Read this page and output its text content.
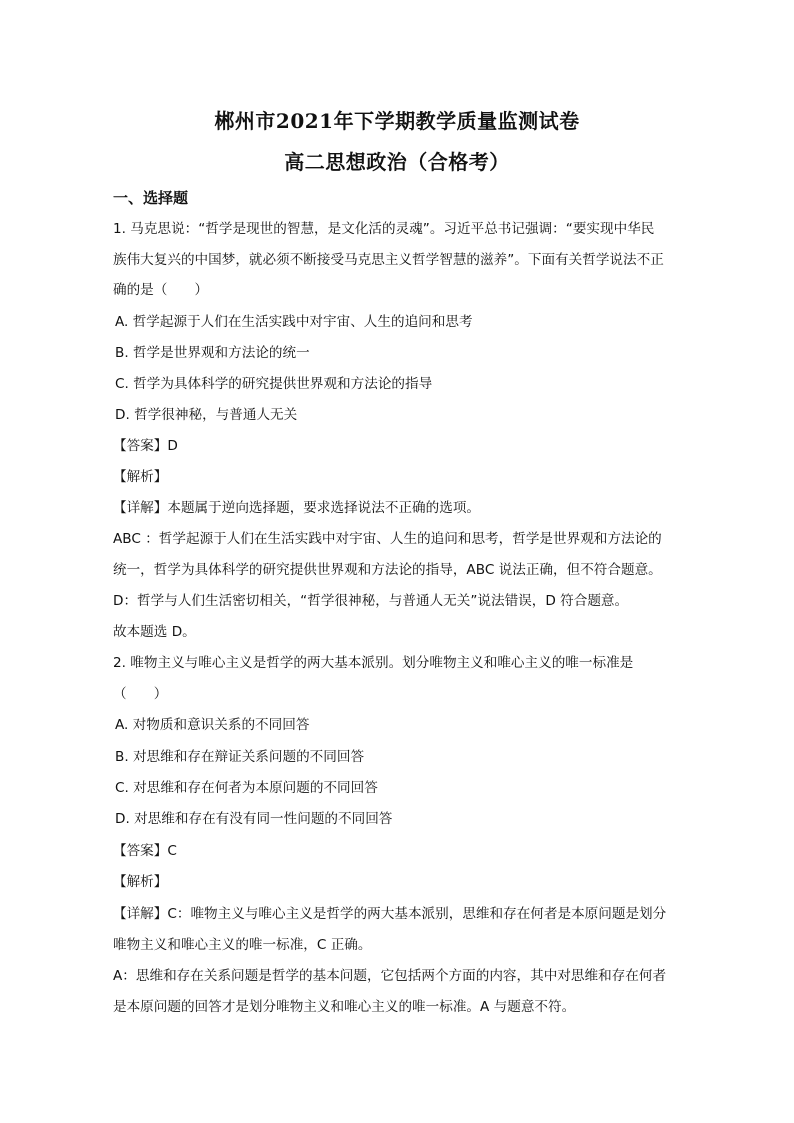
郴州市2021年下学期教学质量监测试卷
高二思想政治（合格考）
一、选择题
1. 马克思说：“哲学是现世的智慧，是文化活的灵魂”。习近平总书记强调：“要实现中华民
族伟大复兴的中国梦，就必须不断接受马克思主义哲学智慧的滋养”。下面有关哲学说法不正
确的是（　　）
A. 哲学起源于人们在生活实践中对宇宙、人生的追问和思考
B. 哲学是世界观和方法论的统一
C. 哲学为具体科学的研究提供世界观和方法论的指导
D. 哲学很神秘，与普通人无关
【答案】D
【解析】
【详解】本题属于逆向选择题，要求选择说法不正确的选项。
ABC ：哲学起源于人们在生活实践中对宇宙、人生的追问和思考，哲学是世界观和方法论的
统一，哲学为具体科学的研究提供世界观和方法论的指导，ABC 说法正确，但不符合题意。
D：哲学与人们生活密切相关，“哲学很神秘，与普通人无关”说法错误，D 符合题意。
故本题选 D。
2. 唯物主义与唯心主义是哲学的两大基本派别。划分唯物主义和唯心主义的唯一标准是
（　　）
A. 对物质和意识关系的不同回答
B. 对思维和存在辩证关系问题的不同回答
C. 对思维和存在何者为本原问题的不同回答
D. 对思维和存在有没有同一性问题的不同回答
【答案】C
【解析】
【详解】C：唯物主义与唯心主义是哲学的两大基本派别，思维和存在何者是本原问题是划分
唯物主义和唯心主义的唯一标准，C 正确。
A：思维和存在关系问题是哲学的基本问题，它包括两个方面的内容，其中对思维和存在何者
是本原问题的回答才是划分唯物主义和唯心主义的唯一标准。A 与题意不符。
